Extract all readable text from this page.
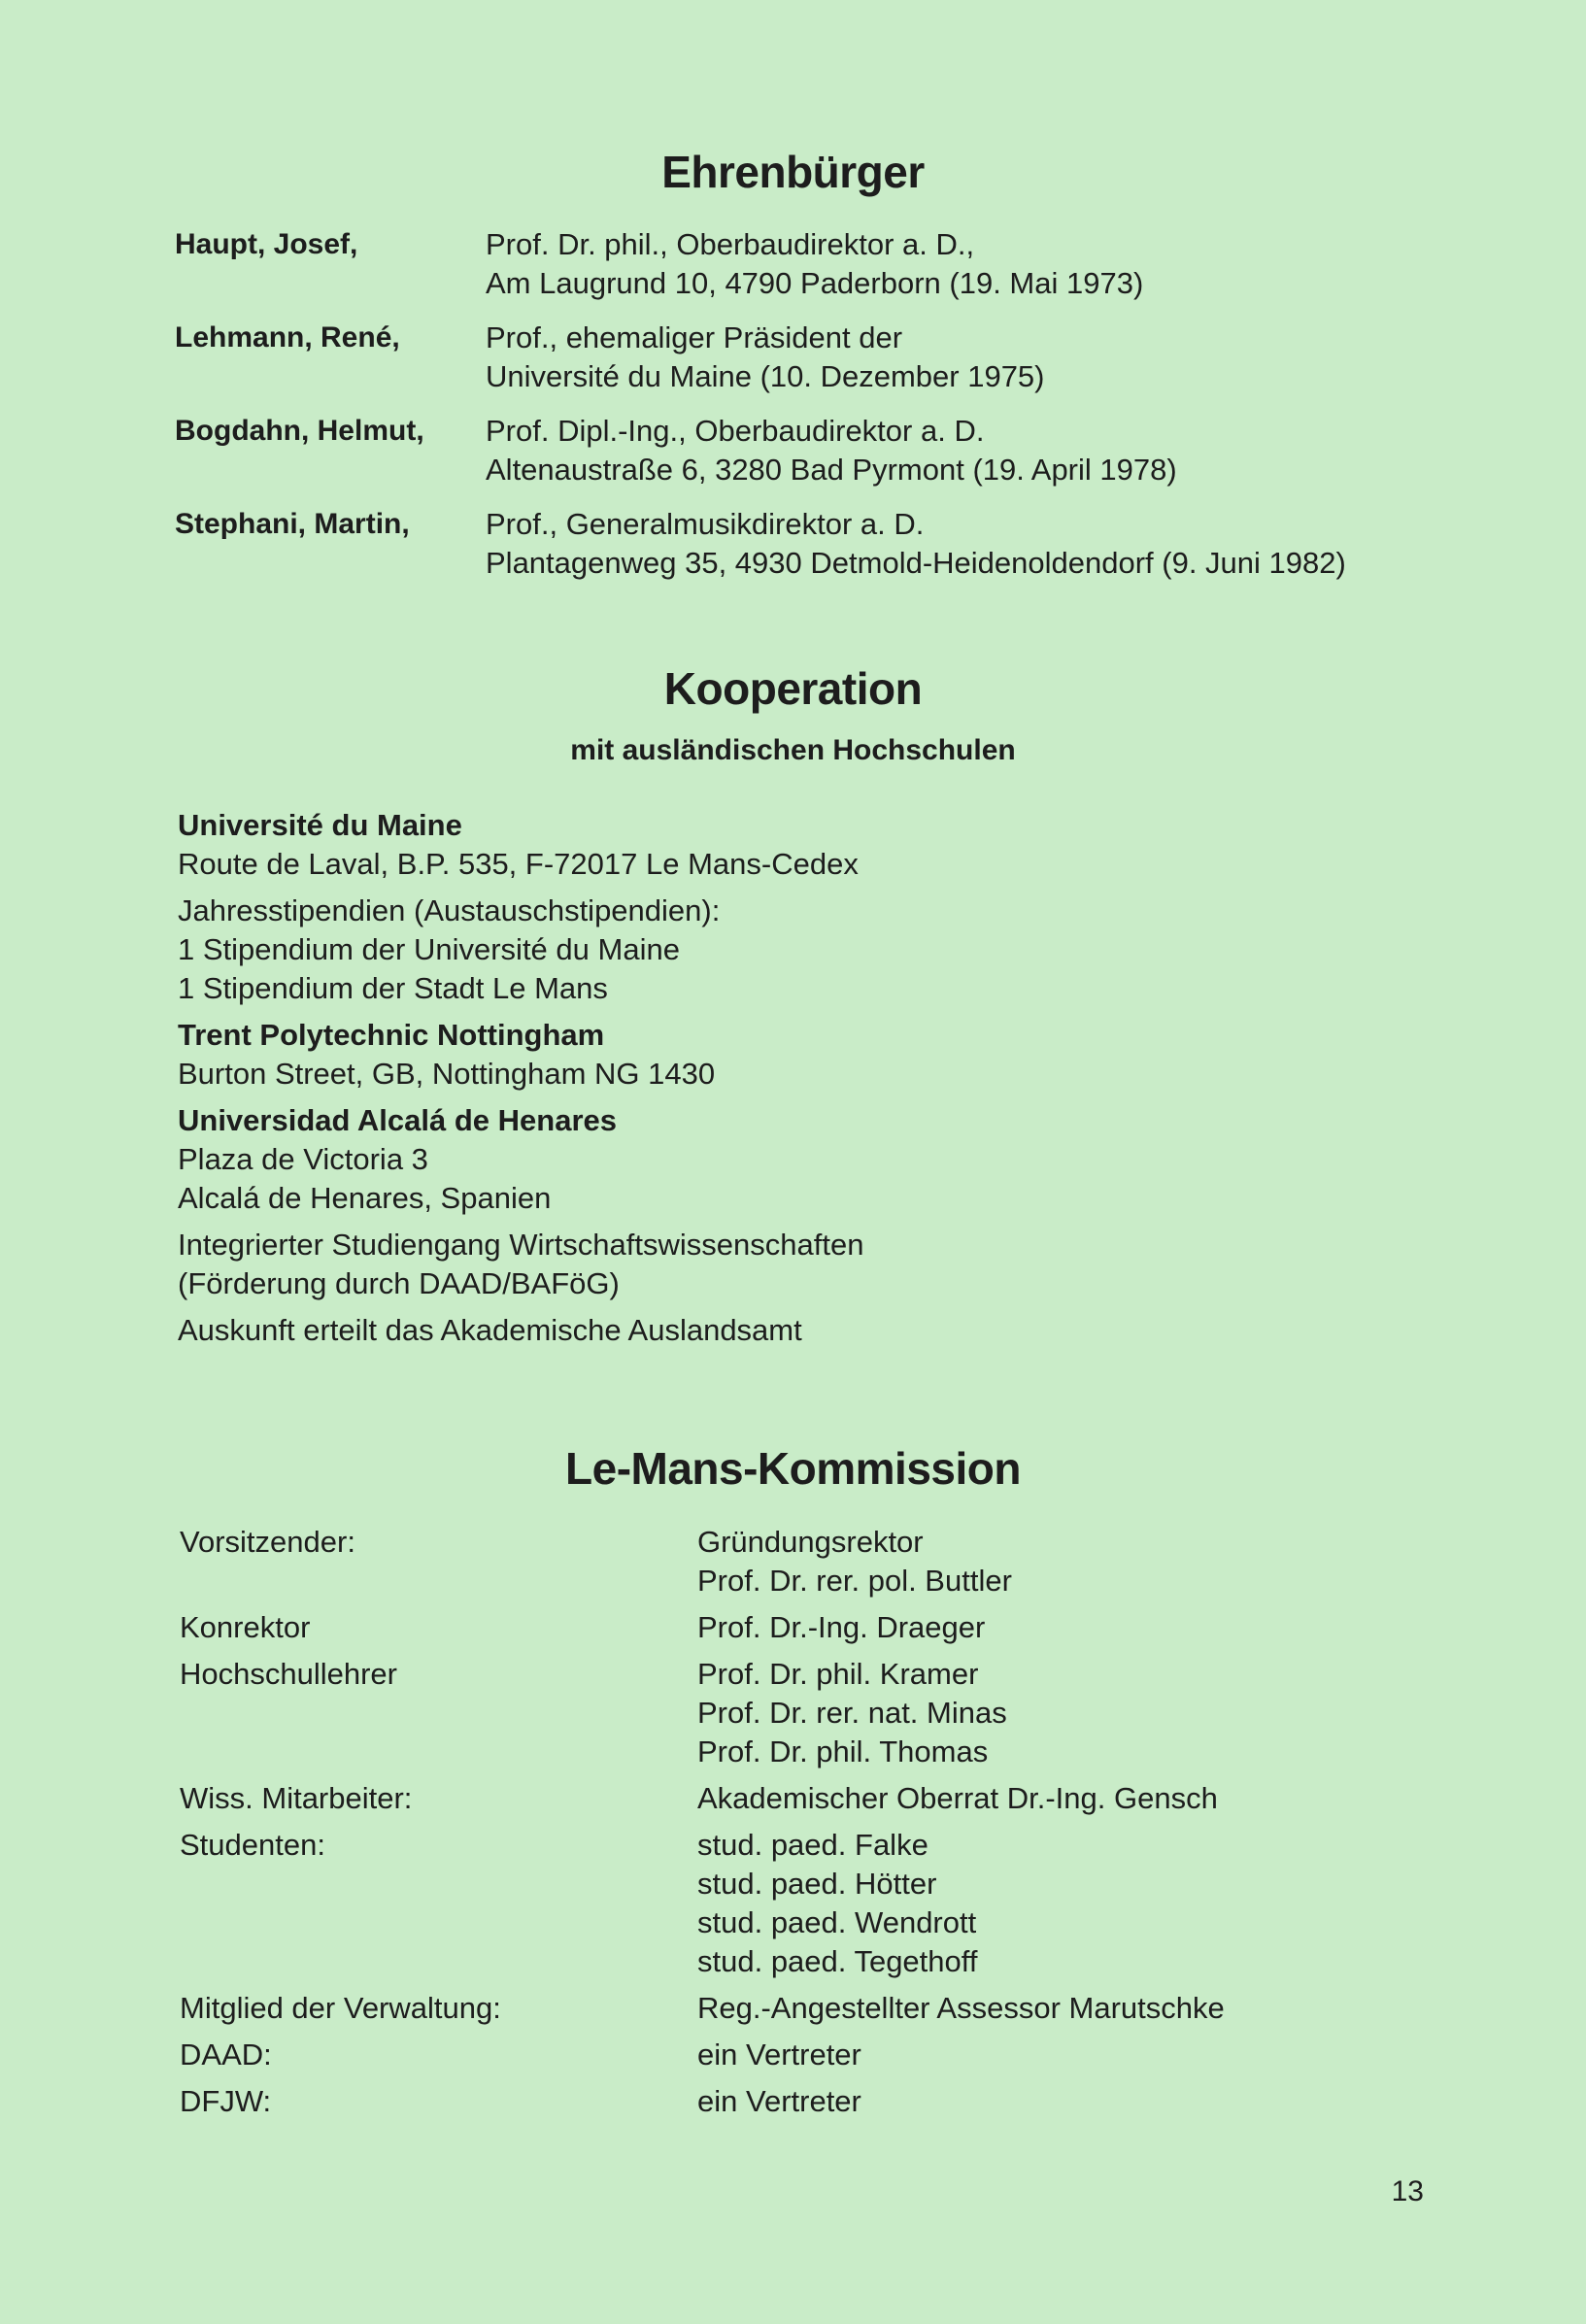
Ehrenbürger
Haupt, Josef,	Prof. Dr. phil., Oberbaudirektor a. D.,
Am Laugrund 10, 4790 Paderborn (19. Mai 1973)
Lehmann, René,	Prof., ehemaliger Präsident der
Université du Maine (10. Dezember 1975)
Bogdahn, Helmut,	Prof. Dipl.-Ing., Oberbaudirektor a. D.
Altenaustraße 6, 3280 Bad Pyrmont (19. April 1978)
Stephani, Martin,	Prof., Generalmusikdirektor a. D.
Plantagenweg 35, 4930 Detmold-Heidenoldendorf (9. Juni 1982)
Kooperation
mit ausländischen Hochschulen
Université du Maine
Route de Laval, B.P. 535, F-72017 Le Mans-Cedex
Jahresstipendien (Austauschstipendien):
1 Stipendium der Université du Maine
1 Stipendium der Stadt Le Mans
Trent Polytechnic Nottingham
Burton Street, GB, Nottingham NG 1430
Universidad Alcalá de Henares
Plaza de Victoria 3
Alcalá de Henares, Spanien
Integrierter Studiengang Wirtschaftswissenschaften
(Förderung durch DAAD/BAFöG)
Auskunft erteilt das Akademische Auslandsamt
Le-Mans-Kommission
Vorsitzender:	Gründungsrektor
Prof. Dr. rer. pol. Buttler
Konrektor	Prof. Dr.-Ing. Draeger
Hochschullehrer	Prof. Dr. phil. Kramer
Prof. Dr. rer. nat. Minas
Prof. Dr. phil. Thomas
Wiss. Mitarbeiter:	Akademischer Oberrat Dr.-Ing. Gensch
Studenten:	stud. paed. Falke
stud. paed. Hötter
stud. paed. Wendrott
stud. paed. Tegethoff
Mitglied der Verwaltung:	Reg.-Angestellter Assessor Marutschke
DAAD:	ein Vertreter
DFJW:	ein Vertreter
13
